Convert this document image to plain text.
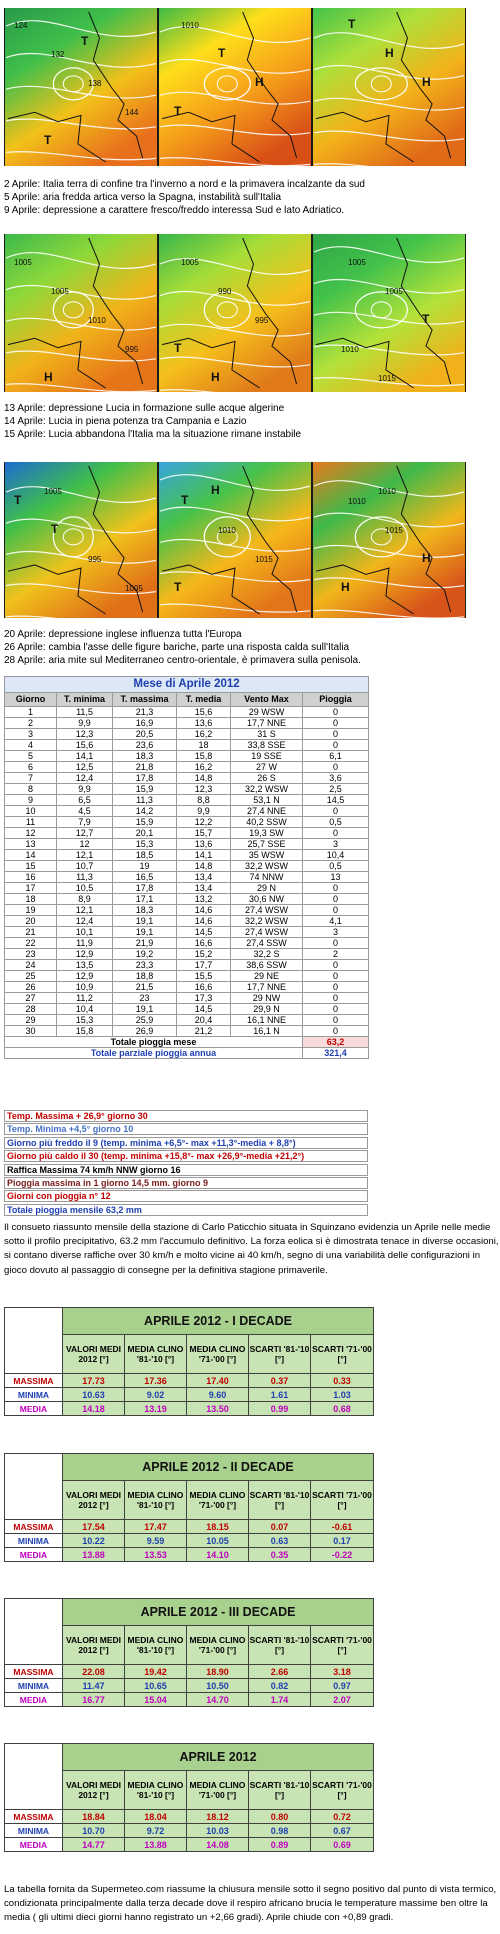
124
132
138
144
T
T
1010
T
H
T
T
H
H
2 Aprile: Italia terra di confine tra l'inverno a nord e la primavera incalzante da sud
5 Aprile: aria fredda artica verso la Spagna, instabilità sull'Italia
9 Aprile: depressione a carattere fresco/freddo interessa Sud e lato Adriatico.
1005
1005
1010
995
H
1005
990
995
T
H
1005
1005
T
1010
1015
13 Aprile: depressione Lucia in formazione sulle acque algerine
14 Aprile: Lucia in piena potenza tra Campania e Lazio
15 Aprile: Lucia abbandona l'Italia ma la situazione rimane instabile
T
T
995
1005
1005
T
1010
1015
T
H
1010
1015
H
H
1010
20 Aprile: depressione inglese influenza tutta l'Europa
26 Aprile: cambia l'asse delle figure bariche, parte una risposta calda sull'Italia
28 Aprile: aria mite sul Mediterraneo centro-orientale, è primavera sulla penisola.
Mese di Aprile 2012					
Giorno	T. minima	T. massima	T. media	Vento Max	Pioggia
1	11,5	21,3	15,6	29 WSW	0
2	9,9	16,9	13,6	17,7 NNE	0
3	12,3	20,5	16,2	31 S	0
4	15,6	23,6	18	33,8 SSE	0
5	14,1	18,3	15,8	19 SSE	6,1
6	12,5	21,8	16,2	27 W	0
7	12,4	17,8	14,8	26 S	3,6
8	9,9	15,9	12,3	32,2 WSW	2,5
9	6,5	11,3	8,8	53,1 N	14,5
10	4,5	14,2	9,9	27,4 NNE	0
11	7,9	15,9	12,2	40,2 SSW	0,5
12	12,7	20,1	15,7	19,3 SW	0
13	12	15,3	13,6	25,7 SSE	3
14	12,1	18,5	14,1	35 WSW	10,4
15	10,7	19	14,8	32,2 WSW	0,5
16	11,3	16,5	13,4	74 NNW	13
17	10,5	17,8	13,4	29 N	0
18	8,9	17,1	13,2	30,6 NW	0
19	12,1	18,3	14,6	27,4 WSW	0
20	12,4	19,1	14,6	32,2 WSW	4,1
21	10,1	19,1	14,5	27,4 WSW	3
22	11,9	21,9	16,6	27,4 SSW	0
23	12,9	19,2	15,2	32,2 S	2
24	13,5	23,3	17,7	38,6 SSW	0
25	12,9	18,8	15,5	29 NE	0
26	10,9	21,5	16,6	17,7 NNE	0
27	11,2	23	17,3	29 NW	0
28	10,4	19,1	14,5	29,9 N	0
29	15,3	25,9	20,4	16,1 NNE	0
30	15,8	26,9	21,2	16,1 N	0
Totale pioggia mese					63,2
Totale parziale pioggia annua					321,4
Temp. Massima + 26,9° giorno 30
Temp. Minima +4,5° giorno 10
Giorno più freddo il 9 (temp. minima +6,5°- max +11,3°-media + 8,8°)
Giorno più caldo il 30 (temp. minima +15,8°- max +26,9°-media +21,2°)
Raffica Massima 74 km/h NNW giorno 16
Pioggia massima in 1 giorno 14,5 mm. giorno 9
Giorni con pioggia n° 12
Totale pioggia mensile 63,2 mm
Il consueto riassunto mensile della stazione di Carlo Paticchio situata in Squinzano evidenzia un Aprile nelle medie sotto il profilo precipitativo, 63.2 mm l'accumulo definitivo. La forza eolica si è dimostrata tenace in diverse occasioni, si contano diverse raffiche over 30 km/h e molto vicine ai 40 km/h, segno di una variabilità delle configurazioni in gioco dovuto al passaggio di consegne per la definitiva stagione primaverile.
	APRILE 2012 - I DECADE				
	VALORI MEDI 2012 [°]	MEDIA CLINO '81-'10 [°]	MEDIA CLINO '71-'00 [°]	SCARTI '81-'10 [°]	SCARTI '71-'00 [°]
MASSIMA	17.73	17.36	17.40	0.37	0.33
MINIMA	10.63	9.02	9.60	1.61	1.03
MEDIA	14.18	13.19	13.50	0.99	0.68
	APRILE 2012 - II DECADE				
	VALORI MEDI 2012 [°]	MEDIA CLINO '81-'10 [°]	MEDIA CLINO '71-'00 [°]	SCARTI '81-'10 [°]	SCARTI '71-'00 [°]
MASSIMA	17.54	17.47	18.15	0.07	-0.61
MINIMA	10.22	9.59	10.05	0.63	0.17
MEDIA	13.88	13.53	14.10	0.35	-0.22
	APRILE 2012 - III DECADE				
	VALORI MEDI 2012 [°]	MEDIA CLINO '81-'10 [°]	MEDIA CLINO '71-'00 [°]	SCARTI '81-'10 [°]	SCARTI '71-'00 [°]
MASSIMA	22.08	19.42	18.90	2.66	3.18
MINIMA	11.47	10.65	10.50	0.82	0.97
MEDIA	16.77	15.04	14.70	1.74	2.07
	APRILE 2012				
	VALORI MEDI 2012 [°]	MEDIA CLINO '81-'10 [°]	MEDIA CLINO '71-'00 [°]	SCARTI '81-'10 [°]	SCARTI '71-'00 [°]
MASSIMA	18.84	18.04	18.12	0.80	0.72
MINIMA	10.70	9.72	10.03	0.98	0.67
MEDIA	14.77	13.88	14.08	0.89	0.69
La tabella fornita da Supermeteo.com riassume la chiusura mensile sotto il segno positivo dal punto di vista termico, condizionata principalmente dalla terza decade dove il respiro africano brucia le temperature massime ben oltre la media ( gli ultimi dieci giorni hanno registrato un +2,66 gradi). Aprile chiude con +0,89 gradi.
